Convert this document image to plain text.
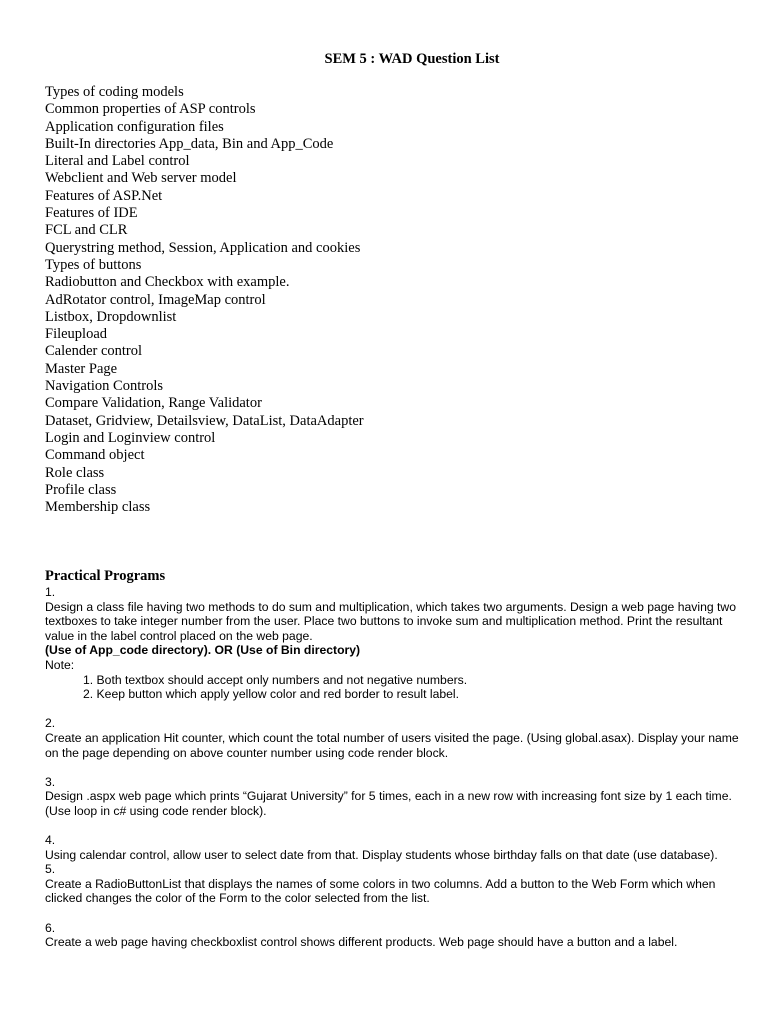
SEM 5 : WAD Question List
Types of coding models
Common properties of ASP controls
Application configuration files
Built-In directories App_data, Bin and App_Code
Literal and Label control
Webclient and Web server model
Features of ASP.Net
Features of IDE
FCL and CLR
Querystring method, Session, Application and cookies
Types of buttons
Radiobutton and Checkbox with example.
AdRotator control, ImageMap control
Listbox, Dropdownlist
Fileupload
Calender control
Master Page
Navigation Controls
Compare Validation, Range Validator
Dataset, Gridview, Detailsview, DataList, DataAdapter
Login and Loginview control
Command object
Role class
Profile class
Membership class

Practical Programs

1.

Design a class file having two methods to do sum and multiplication, which takes two arguments. Design a web page having two textboxes to take integer number from the user. Place two buttons to invoke sum and multiplication method. Print the resultant value in the label control placed on the web page.

(Use of App_code directory). OR (Use of Bin directory)

Note:

1. Both textbox should accept only numbers and not negative numbers.
2. Keep button which apply yellow color and red border to result label.

2.

Create an application Hit counter, which count the total number of users visited the page. (Using global.asax). Display your name on the page depending on above counter number using code render block.

3.

Design .aspx web page which prints “Gujarat University” for 5 times, each in a new row with increasing font size by 1 each time. (Use loop in c# using code render block).

4.

Using calendar control, allow user to select date from that. Display students whose birthday falls on that date (use database).

5.

Create a RadioButtonList that displays the names of some colors in two columns. Add a button to the Web Form which when clicked changes the color of the Form to the color selected from the list.

6.

Create a web page having checkboxlist control shows different products. Web page should have a button and a label.
